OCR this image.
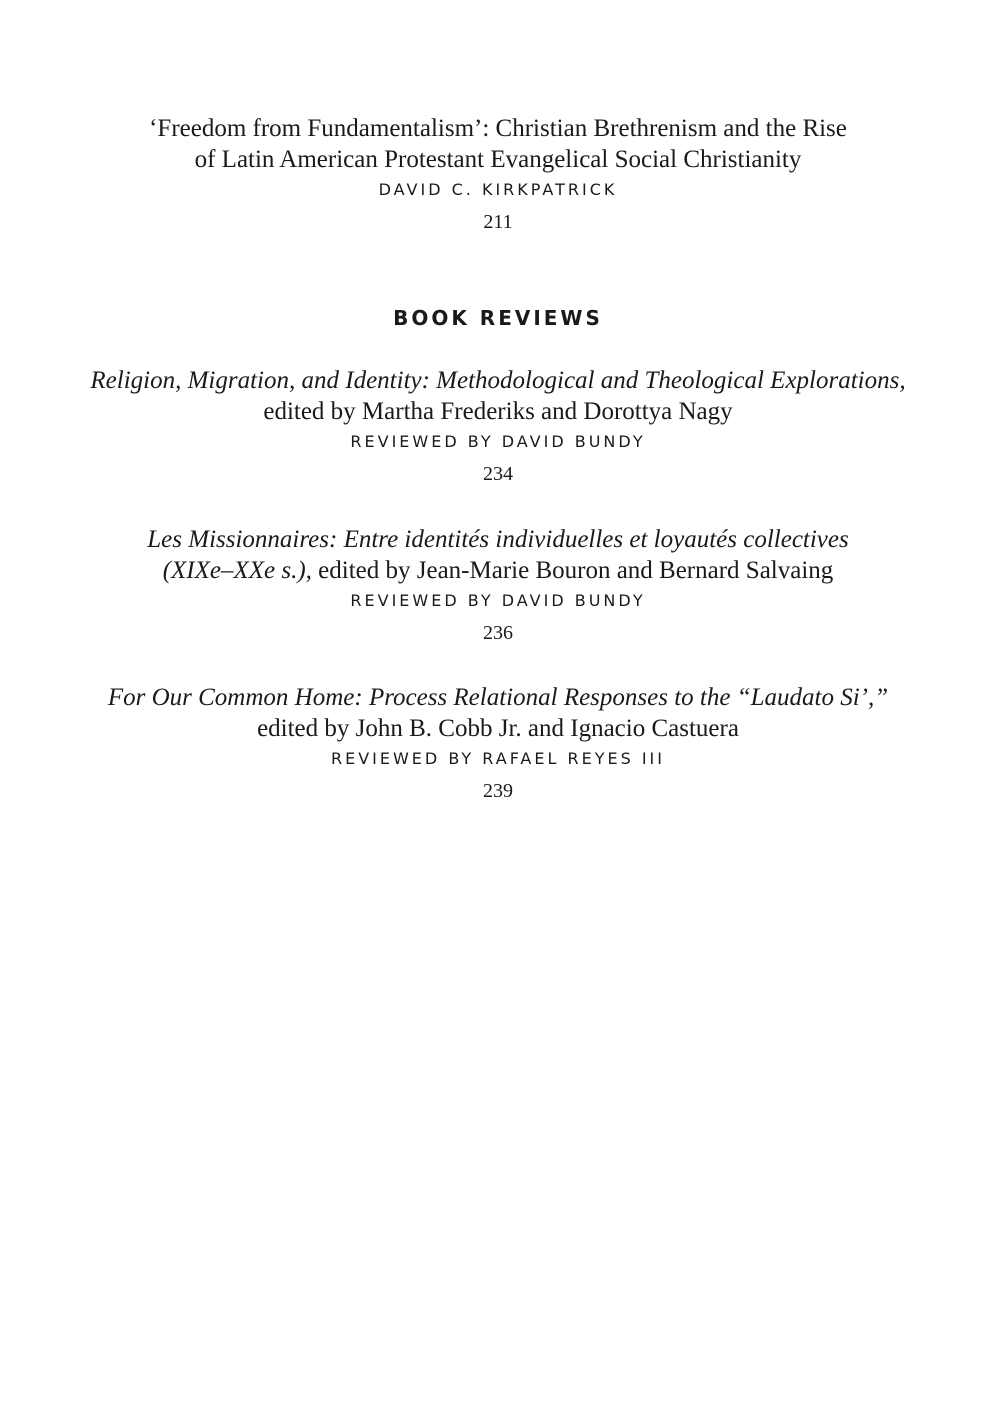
‘Freedom from Fundamentalism’: Christian Brethrenism and the Rise
of Latin American Protestant Evangelical Social Christianity
DAVID C. KIRKPATRICK
211
BOOK REVIEWS
Religion, Migration, and Identity: Methodological and Theological Explorations,
edited by Martha Frederiks and Dorottya Nagy
REVIEWED BY DAVID BUNDY
234
Les Missionnaires: Entre identités individuelles et loyautés collectives
(XIXe–XXe s.), edited by Jean-Marie Bouron and Bernard Salvaing
REVIEWED BY DAVID BUNDY
236
For Our Common Home: Process Relational Responses to the “Laudato Si’,”
edited by John B. Cobb Jr. and Ignacio Castuera
REVIEWED BY RAFAEL REYES III
239
